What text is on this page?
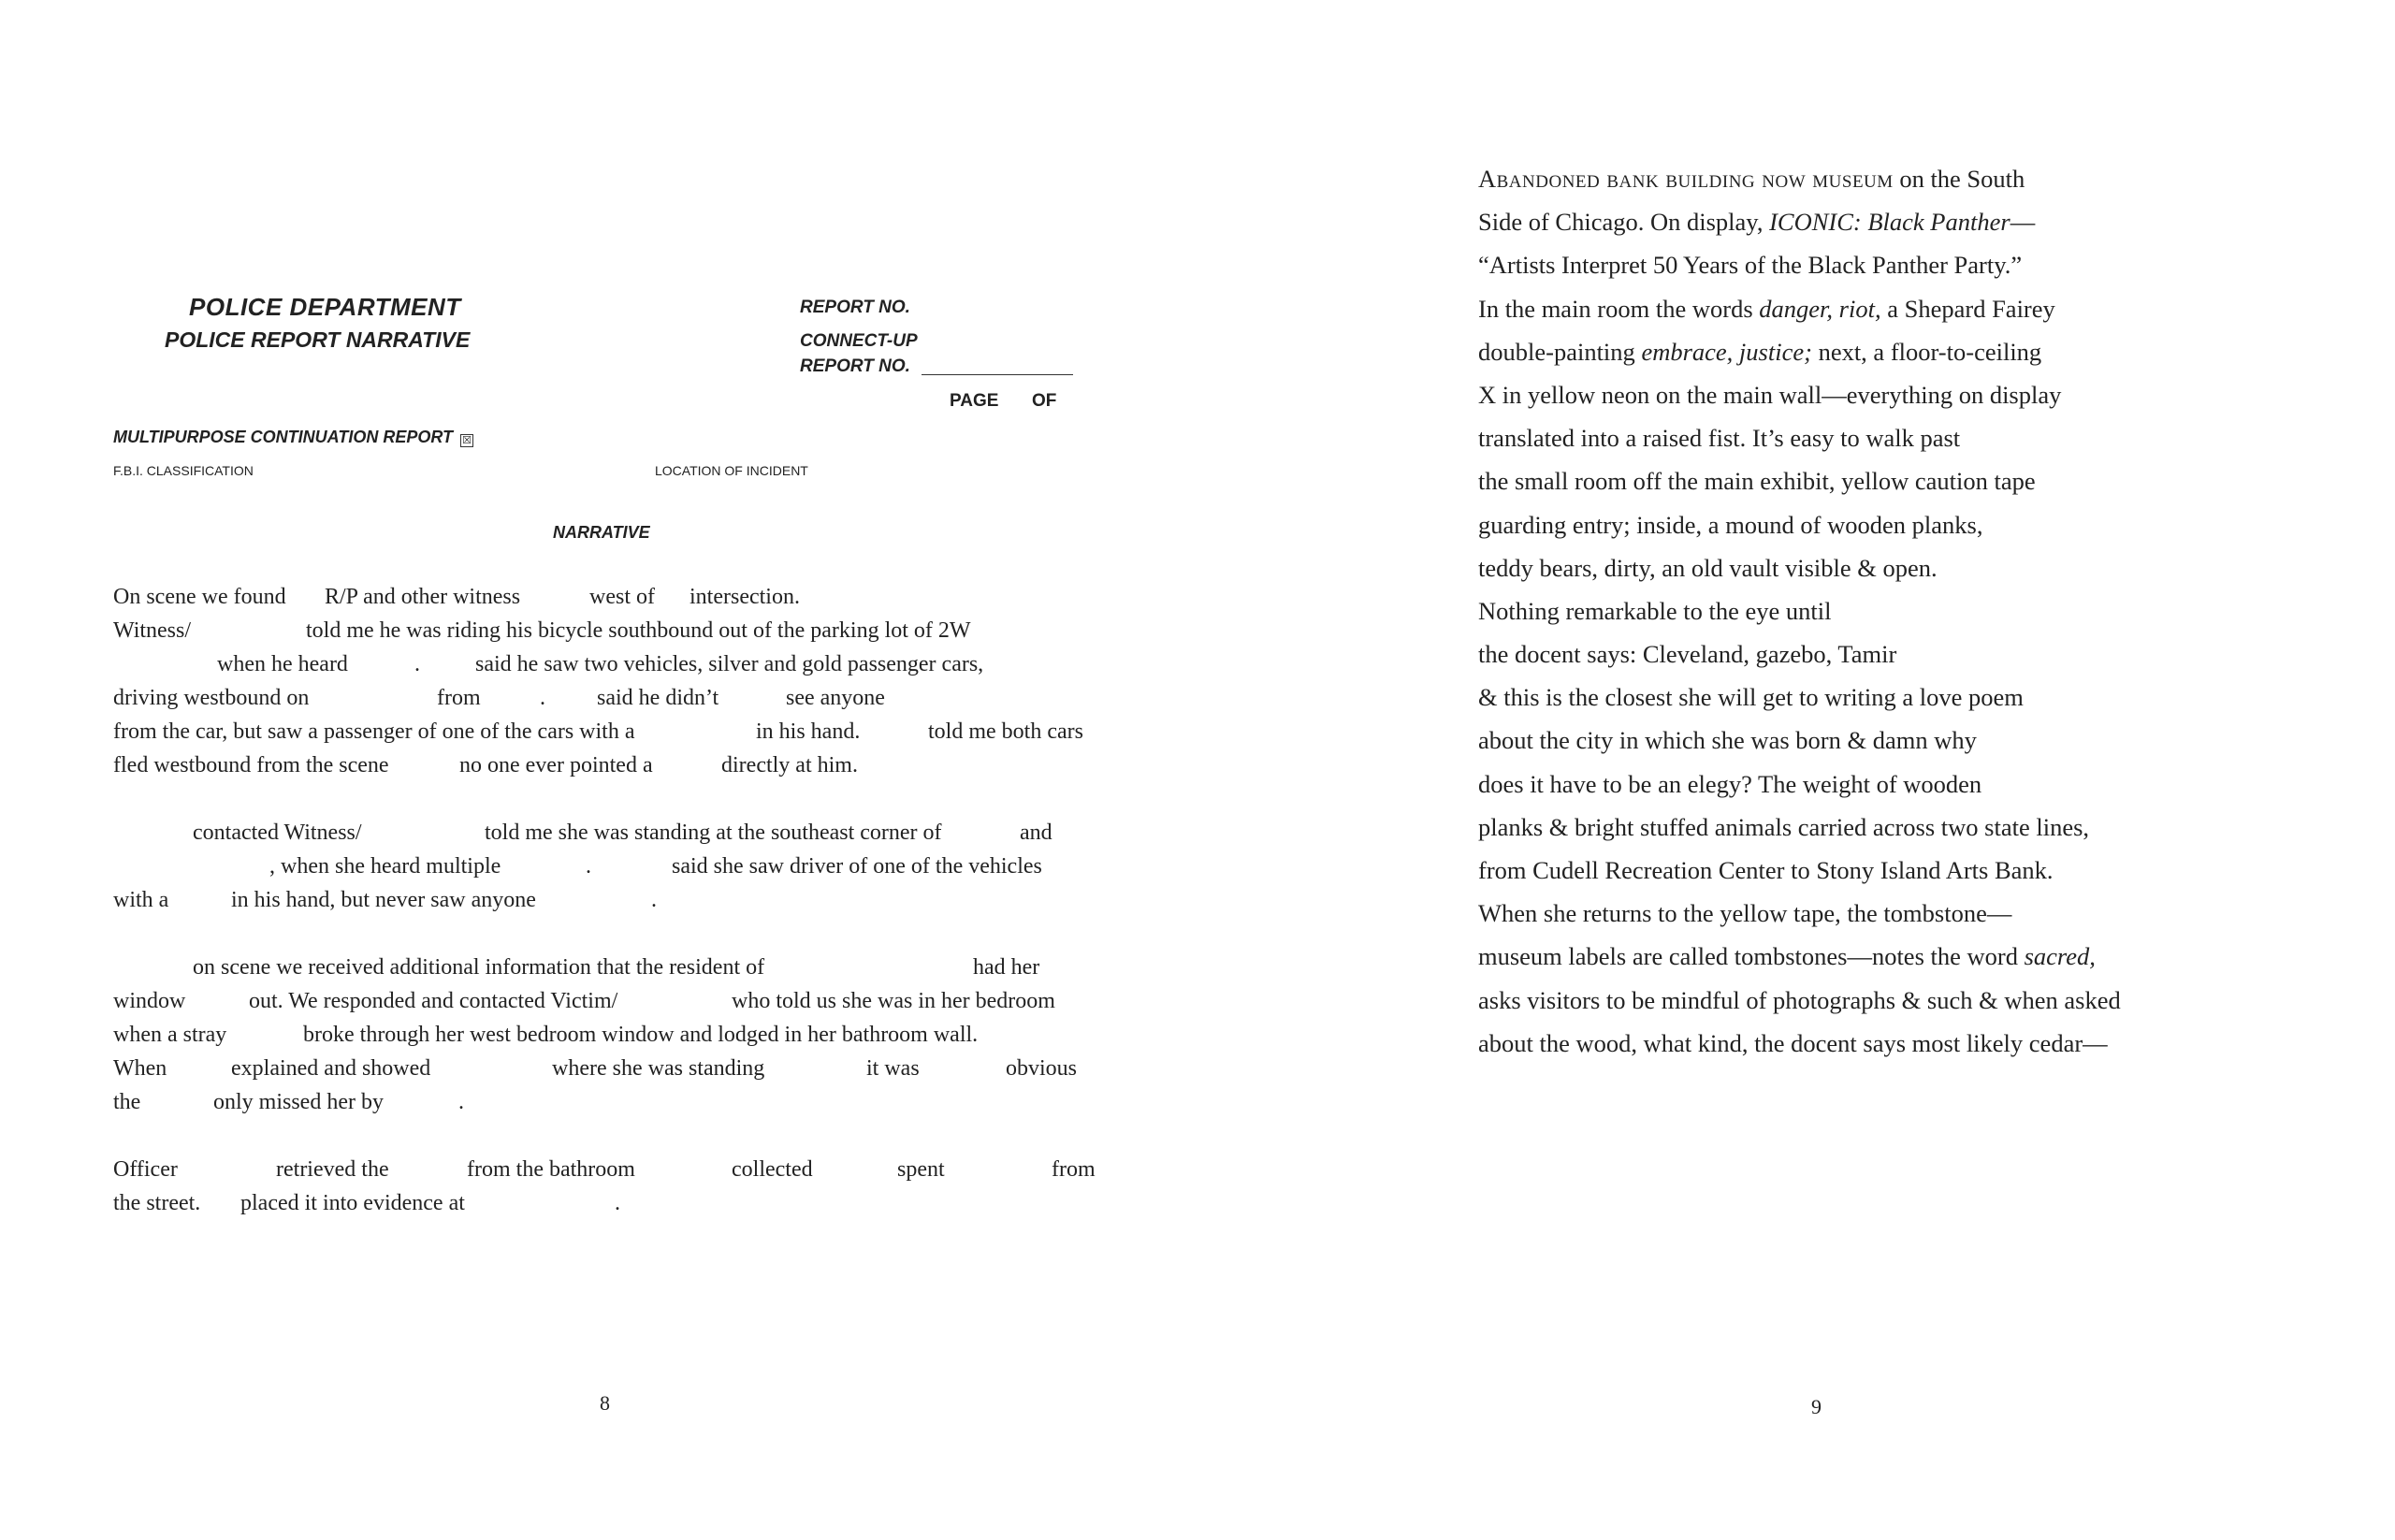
POLICE DEPARTMENT
POLICE REPORT NARRATIVE
REPORT NO.
CONNECT-UP
REPORT NO.
PAGE OF
MULTIPURPOSE CONTINUATION REPORT ☒
F.B.I. CLASSIFICATION	LOCATION OF INCIDENT
NARRATIVE
On scene we found R/P and other witness	west of intersection.
Witness/	told me he was riding his bicycle southbound out of the parking lot of 2W
when he heard	. said he saw two vehicles, silver and gold passenger cars,
driving westbound on	from	. said he didn’t	see anyone
from the car, but saw a passenger of one of the cars with a	in his hand.	told me both cars
fled westbound from the scene	no one ever pointed a	directly at him.
contacted Witness/	told me she was standing at the southeast corner of	and
, when she heard multiple	.	said she saw driver of one of the vehicles
with a	in his hand, but never saw anyone	.
on scene we received additional information that the resident of	had her
window	out. We responded and contacted Victim/	who told us she was in her bedroom
when a stray	broke through her west bedroom window and lodged in her bathroom wall.
When	explained and showed	where she was standing	it was	obvious
the	only missed her by	.
Officer	retrieved the	from the bathroom	collected	spent	from
the street. placed it into evidence at	.
8
Abandoned bank building now museum on the South
Side of Chicago. On display, ICONIC: Black Panther—
“Artists Interpret 50 Years of the Black Panther Party.”
In the main room the words danger, riot, a Shepard Fairey
double-painting embrace, justice; next, a floor-to-ceiling
X in yellow neon on the main wall—everything on display
translated into a raised fist. It’s easy to walk past
the small room off the main exhibit, yellow caution tape
guarding entry; inside, a mound of wooden planks,
teddy bears, dirty, an old vault visible & open.
Nothing remarkable to the eye until
the docent says: Cleveland, gazebo, Tamir
& this is the closest she will get to writing a love poem
about the city in which she was born & damn why
does it have to be an elegy? The weight of wooden
planks & bright stuffed animals carried across two state lines,
from Cudell Recreation Center to Stony Island Arts Bank.
When she returns to the yellow tape, the tombstone—
museum labels are called tombstones—notes the word sacred,
asks visitors to be mindful of photographs & such & when asked
about the wood, what kind, the docent says most likely cedar—
9
